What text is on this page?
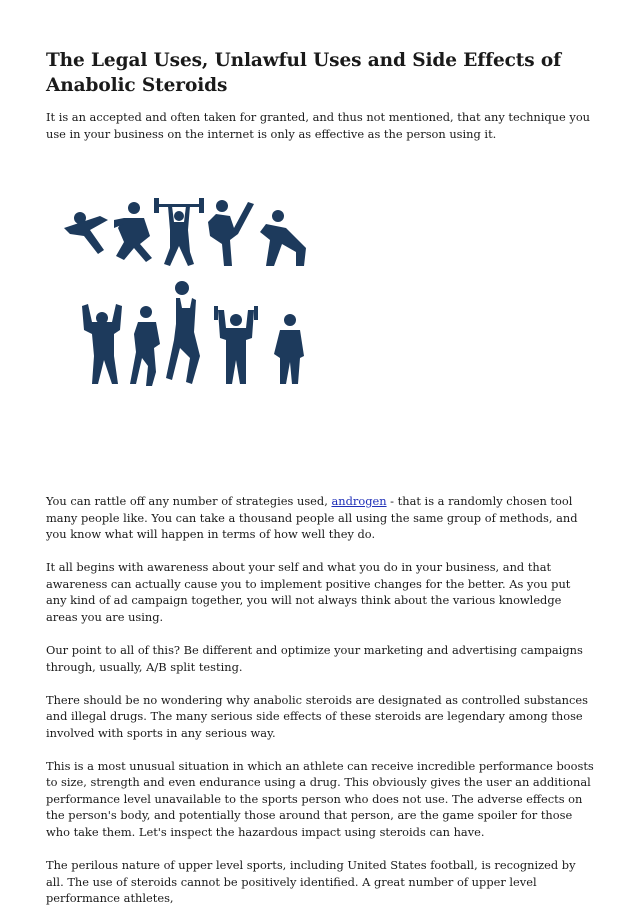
The Legal Uses, Unlawful Uses and Side Effects of Anabolic Steroids

It is an accepted and often taken for granted, and thus not mentioned, that any technique you use in your business on the internet is only as effective as the person using it.

You can rattle off any number of strategies used, androgen - that is a randomly chosen tool many people like. You can take a thousand people all using the same group of methods, and you know what will happen in terms of how well they do.

It all begins with awareness about your self and what you do in your business, and that awareness can actually cause you to implement positive changes for the better. As you put any kind of ad campaign together, you will not always think about the various knowledge areas you are using.

Our point to all of this? Be different and optimize your marketing and advertising campaigns through, usually, A/B split testing.

There should be no wondering why anabolic steroids are designated as controlled substances and illegal drugs. The many serious side effects of these steroids are legendary among those involved with sports in any serious way.

This is a most unusual situation in which an athlete can receive incredible performance boosts to size, strength and even endurance using a drug. This obviously gives the user an additional performance level unavailable to the sports person who does not use. The adverse effects on the person's body, and potentially those around that person, are the game spoiler for those who take them. Let's inspect the hazardous impact using steroids can have.

The perilous nature of upper level sports, including United States football, is recognized by all. The use of steroids cannot be positively identified. A great number of upper level performance athletes,
